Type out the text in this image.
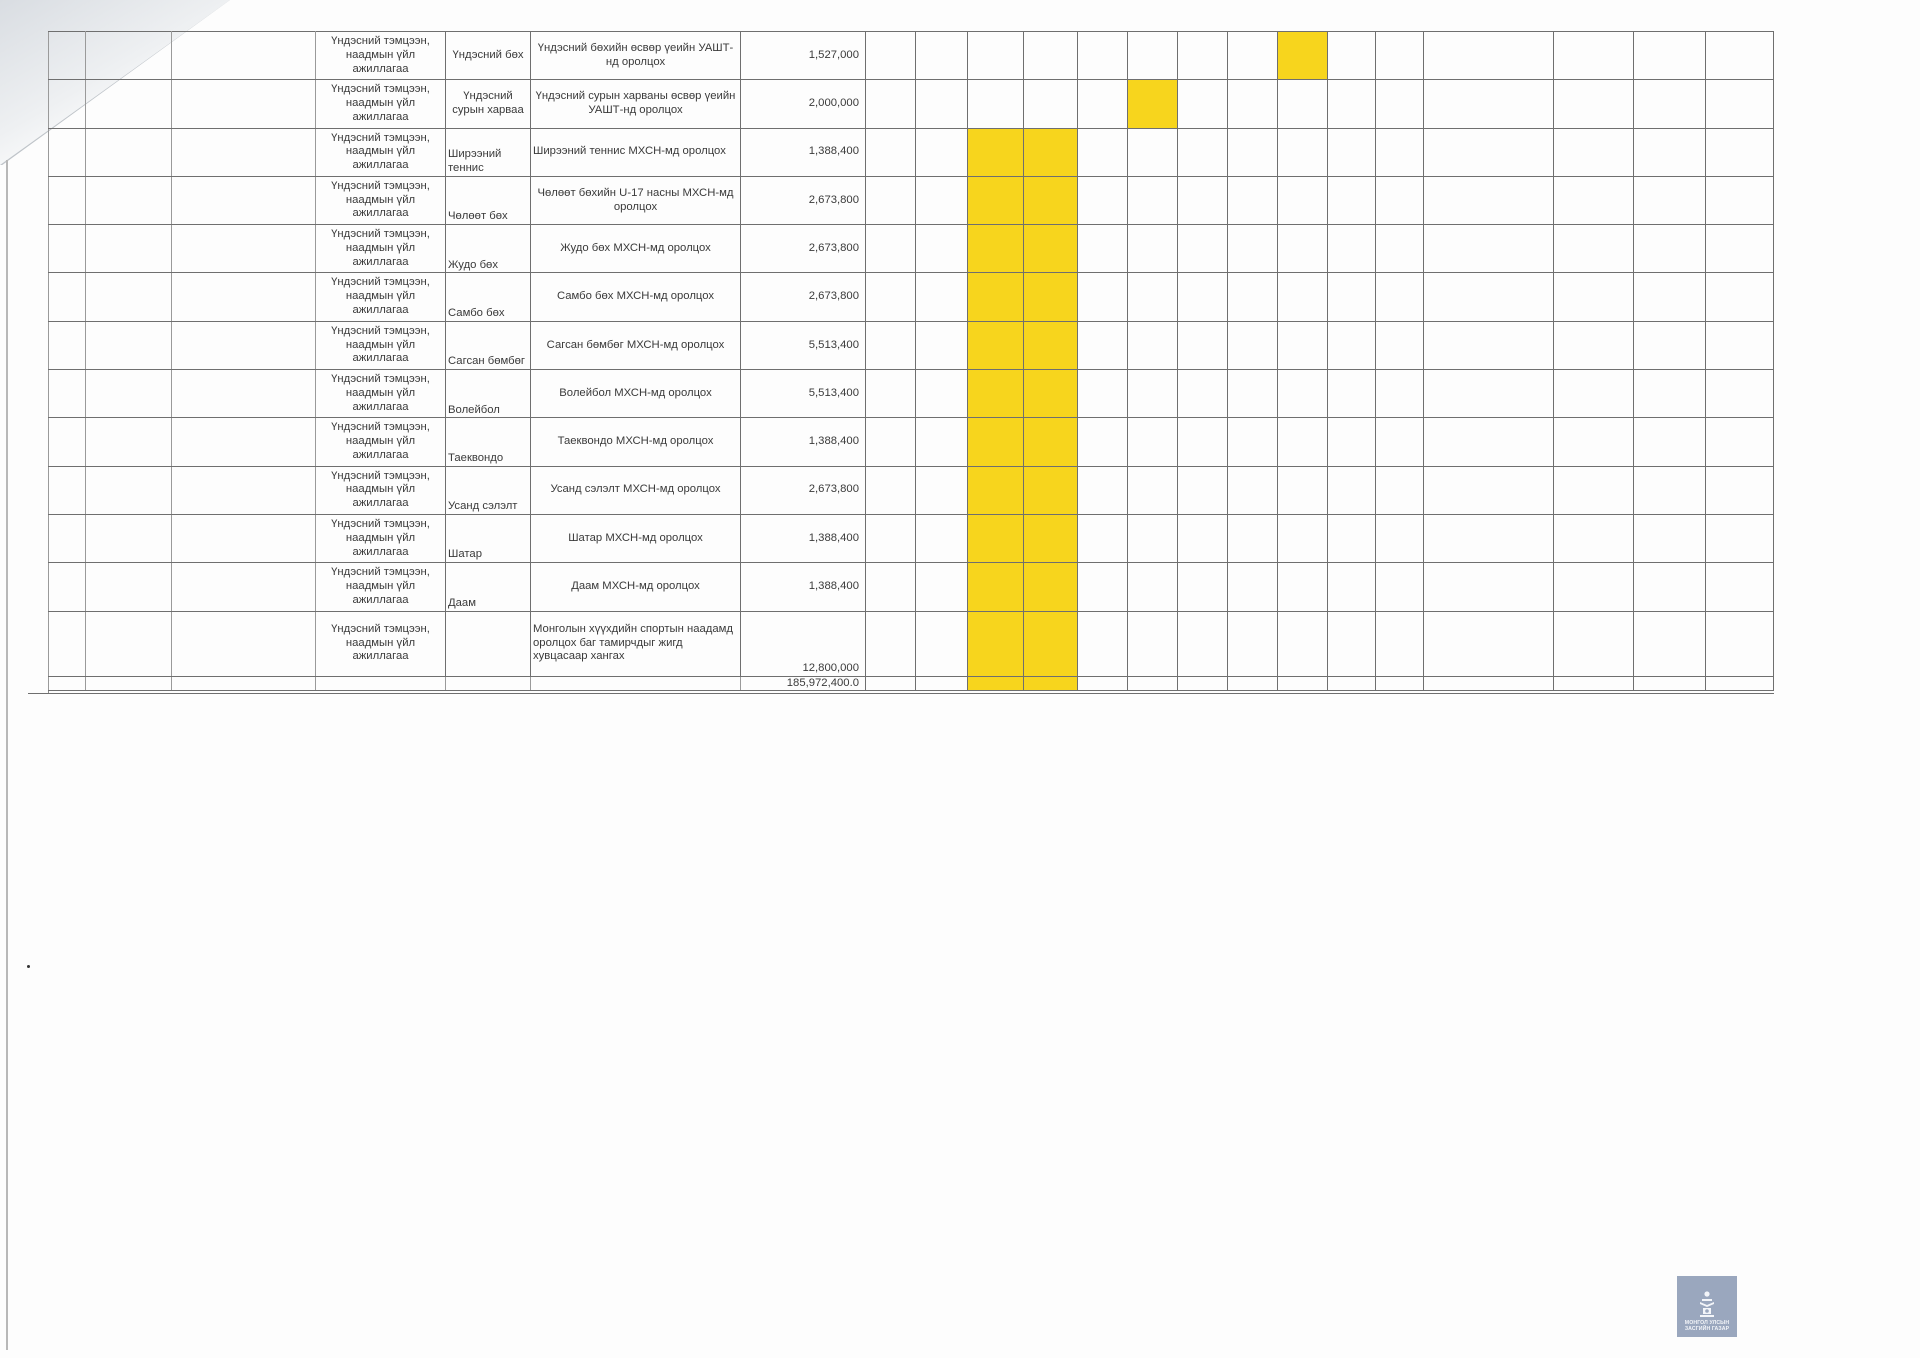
			Үндэсний тэмцээн, наадмын үйл ажиллагаа	Үндэсний бөх	Үндэсний бөхийн өсвөр үеийн УАШТ-нд оролцох	1,527,000															
			Үндэсний тэмцээн, наадмын үйл ажиллагаа	Үндэсний сурын харваа	Үндэсний сурын харваны өсвөр үеийн УАШТ-нд оролцох	2,000,000															
			Үндэсний тэмцээн, наадмын үйл ажиллагаа	Ширээний теннис	Ширээний теннис МХСН-мд оролцох	1,388,400															
			Үндэсний тэмцээн, наадмын үйл ажиллагаа	Чөлөөт бөх	Чөлөөт бөхийн U-17 насны МХСН-мд оролцох	2,673,800															
			Үндэсний тэмцээн, наадмын үйл ажиллагаа	Жудо бөх	Жудо бөх МХСН-мд оролцох	2,673,800															
			Үндэсний тэмцээн, наадмын үйл ажиллагаа	Самбо бөх	Самбо бөх МХСН-мд оролцох	2,673,800															
			Үндэсний тэмцээн, наадмын үйл ажиллагаа	Сагсан бөмбөг	Сагсан бөмбөг МХСН-мд оролцох	5,513,400															
			Үндэсний тэмцээн, наадмын үйл ажиллагаа	Волейбол	Волейбол МХСН-мд оролцох	5,513,400															
			Үндэсний тэмцээн, наадмын үйл ажиллагаа	Таеквондо	Таеквондо МХСН-мд оролцох	1,388,400															
			Үндэсний тэмцээн, наадмын үйл ажиллагаа	Усанд сэлэлт	Усанд сэлэлт МХСН-мд оролцох	2,673,800															
			Үндэсний тэмцээн, наадмын үйл ажиллагаа	Шатар	Шатар МХСН-мд оролцох	1,388,400															
			Үндэсний тэмцээн, наадмын үйл ажиллагаа	Даам	Даам МХСН-мд оролцох	1,388,400															
			Үндэсний тэмцээн, наадмын үйл ажиллагаа		Монголын хүүхдийн спортын наадамд оролцох баг тамирчдыг жигд хувцасаар хангах	12,800,000															
						185,972,400.0															
МОНГОЛ УЛСЫН
ЗАСГИЙН ГАЗАР
